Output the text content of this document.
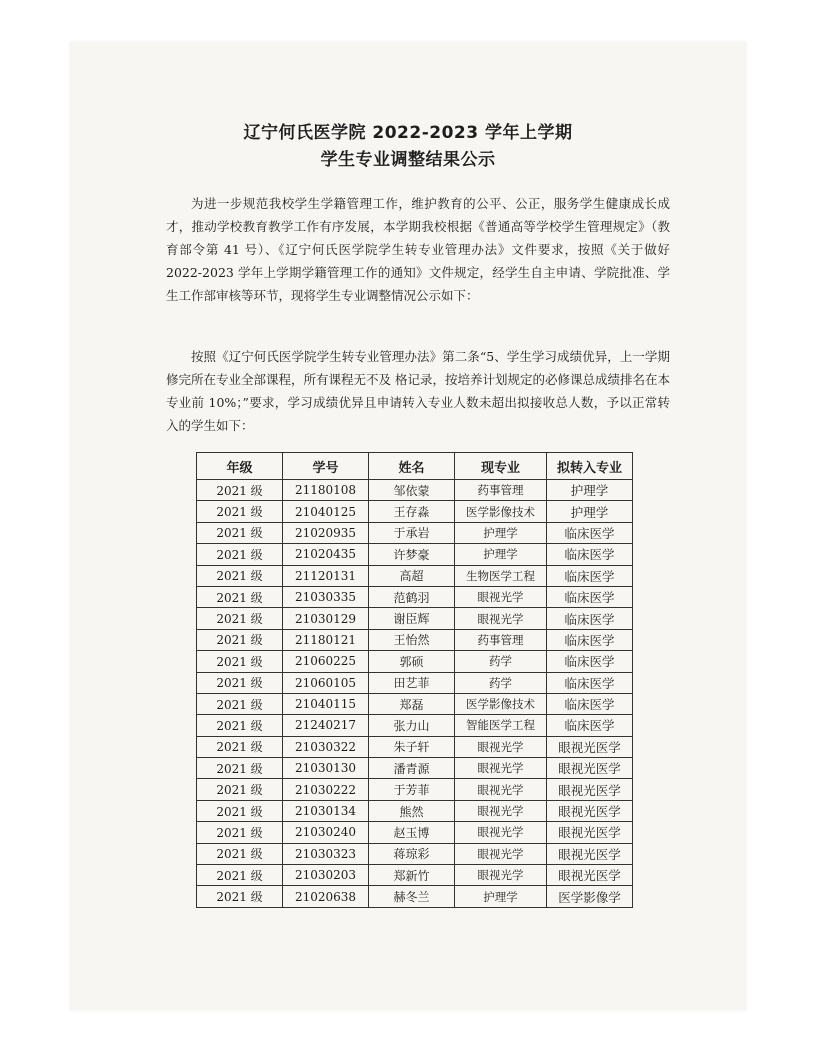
辽宁何氏医学院 2022-2023 学年上学期
学生专业调整结果公示

为进一步规范我校学生学籍管理工作，维护教育的公平、公正，服务学生健康成长成才，推动学校教育教学工作有序发展，本学期我校根据《普通高等学校学生管理规定》（教育部令第 41 号）、《辽宁何氏医学院学生转专业管理办法》文件要求，按照《关于做好 2022-2023 学年上学期学籍管理工作的通知》文件规定，经学生自主申请、学院批准、学生工作部审核等环节，现将学生专业调整情况公示如下：

按照《辽宁何氏医学院学生转专业管理办法》第二条“5、学生学习成绩优异，上一学期修完所在专业全部课程，所有课程无不及 格记录，按培养计划规定的必修课总成绩排名在本专业前 10%；”要求，学习成绩优异且申请转入专业人数未超出拟接收总人数，予以正常转入的学生如下：

年级	学号	姓名	现专业	拟转入专业
2021 级	21180108	邹依蒙	药事管理	护理学
2021 级	21040125	王存淼	医学影像技术	护理学
2021 级	21020935	于承岩	护理学	临床医学
2021 级	21020435	许梦豪	护理学	临床医学
2021 级	21120131	高超	生物医学工程	临床医学
2021 级	21030335	范鹤羽	眼视光学	临床医学
2021 级	21030129	谢臣辉	眼视光学	临床医学
2021 级	21180121	王怡然	药事管理	临床医学
2021 级	21060225	郭硕	药学	临床医学
2021 级	21060105	田艺菲	药学	临床医学
2021 级	21040115	郑磊	医学影像技术	临床医学
2021 级	21240217	张力山	智能医学工程	临床医学
2021 级	21030322	朱子轩	眼视光学	眼视光医学
2021 级	21030130	潘青源	眼视光学	眼视光医学
2021 级	21030222	于芳菲	眼视光学	眼视光医学
2021 级	21030134	熊然	眼视光学	眼视光医学
2021 级	21030240	赵玉博	眼视光学	眼视光医学
2021 级	21030323	蒋琼彩	眼视光学	眼视光医学
2021 级	21030203	郑新竹	眼视光学	眼视光医学
2021 级	21020638	赫冬兰	护理学	医学影像学
